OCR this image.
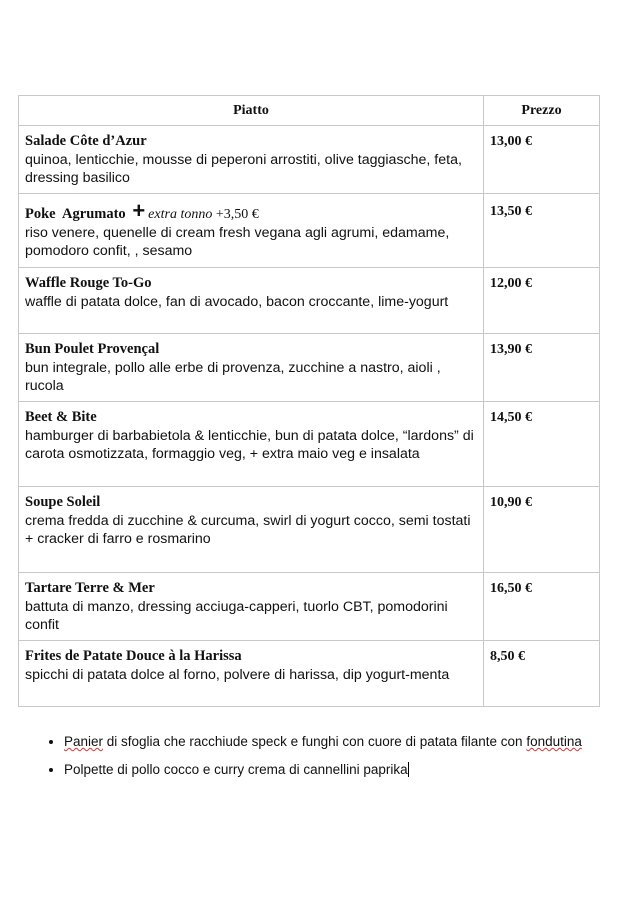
Piatto	Prezzo

Salade Côte d’Azur
quinoa, lenticchie, mousse di peperoni arrostiti, olive taggiasche, feta, dressing basilico	13,00 €

Poke  Agrumato + extra tonno +3,50 €
riso venere, quenelle di cream fresh vegana agli agrumi, edamame, pomodoro confit, , sesamo	13,50 €

Waffle Rouge To-Go
waffle di patata dolce, fan di avocado, bacon croccante, lime-yogurt	12,00 €

Bun Poulet Provençal
bun integrale, pollo alle erbe di provenza, zucchine a nastro, aioli , rucola	13,90 €

Beet & Bite
hamburger di barbabietola & lenticchie, bun di patata dolce, “lardons” di carota osmotizzata, formaggio veg, + extra maio veg e insalata	14,50 €

Soupe Soleil
crema fredda di zucchine & curcuma, swirl di yogurt cocco, semi tostati + cracker di farro e rosmarino	10,90 €

Tartare Terre & Mer
battuta di manzo, dressing acciuga-capperi, tuorlo CBT, pomodorini confit	16,50 €

Frites de Patate Douce à la Harissa
spicchi di patata dolce al forno, polvere di harissa, dip yogurt-menta	8,50 €
• Panier di sfoglia che racchiude speck e funghi con cuore di patata filante con fondutina
• Polpette di pollo cocco e curry crema di cannellini paprika
